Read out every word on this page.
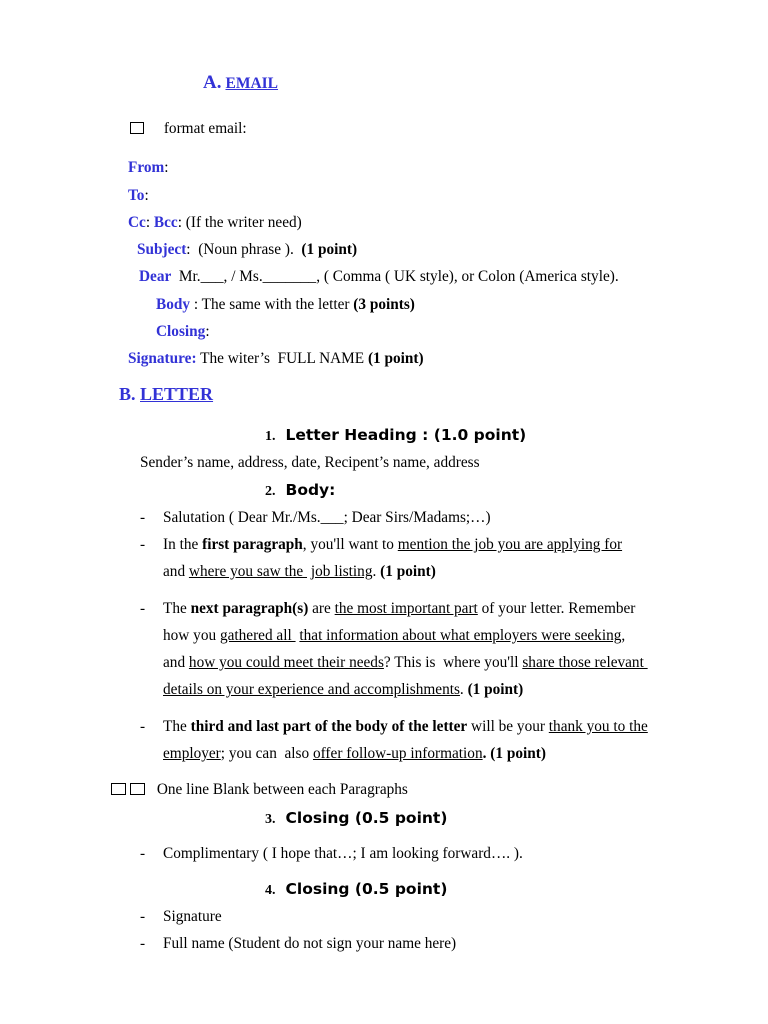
A. EMAIL
format email:
From:
To:
Cc: Bcc: (If the writer need)
Subject:  (Noun phrase ).  (1 point)
Dear  Mr.___, / Ms._______, ( Comma ( UK style), or Colon (America style).
Body : The same with the letter (3 points)
Closing:
Signature: The witer’s  FULL NAME (1 point)
B. LETTER
1. Letter Heading : (1.0 point)
Sender’s name, address, date, Recipent’s name, address
2. Body:
- Salutation ( Dear Mr./Ms.___; Dear Sirs/Madams;…)
- In the first paragraph, you'll want to mention the job you are applying for
and where you saw the  job listing. (1 point)
- The next paragraph(s) are the most important part of your letter. Remember
how you gathered all  that information about what employers were seeking,
and how you could meet their needs? This is  where you'll share those relevant
details on your experience and accomplishments. (1 point)
- The third and last part of the body of the letter will be your thank you to the
employer; you can  also offer follow-up information. (1 point)
One line Blank between each Paragraphs
3. Closing (0.5 point)
- Complimentary ( I hope that…; I am looking forward…. ).
4. Closing (0.5 point)
- Signature
- Full name (Student do not sign your name here)
